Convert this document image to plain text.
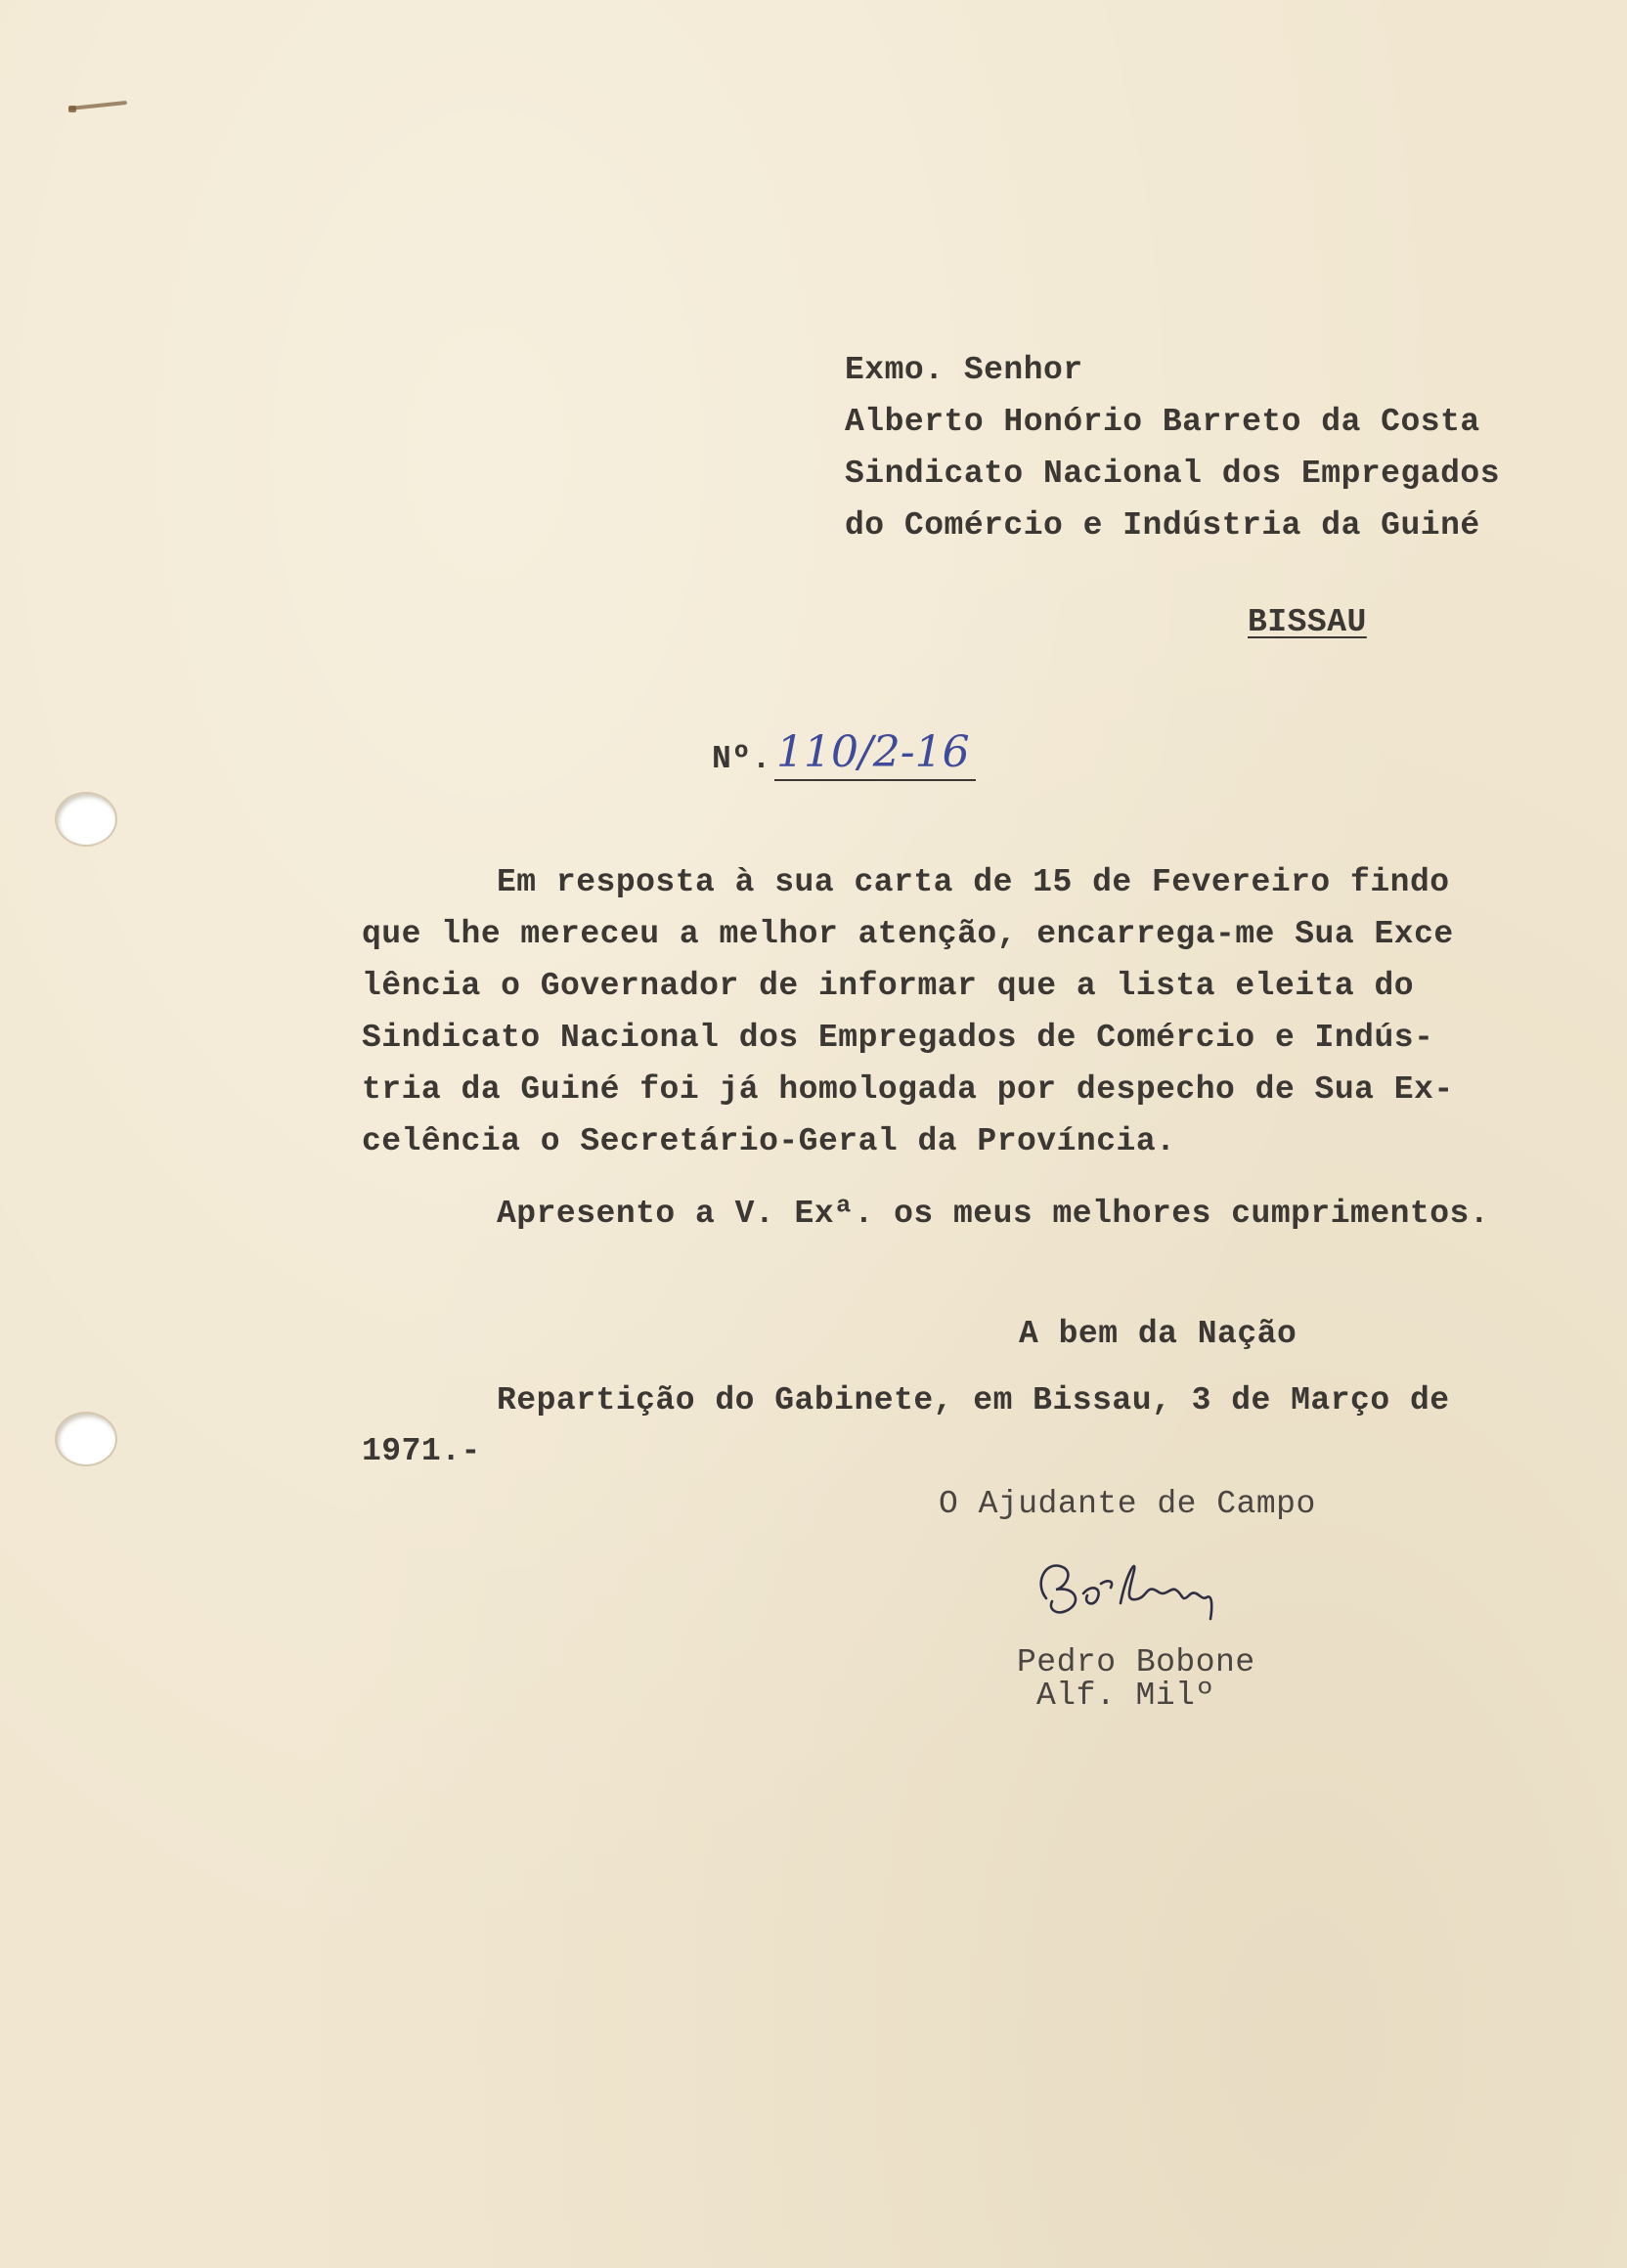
Exmo. Senhor
Alberto Honório Barreto da Costa
Sindicato Nacional dos Empregados
do Comércio e Indústria da Guiné
BISSAU
Nº. 110/2-16
Em resposta à sua carta de 15 de Fevereiro findo
que lhe mereceu a melhor atenção, encarrega-me Sua Exce
lência o Governador de informar que a lista eleita do
Sindicato Nacional dos Empregados de Comércio e Indús-
tria da Guiné foi já homologada por despecho de Sua Ex-
celência o Secretário-Geral da Província.
Apresento a V. Exª. os meus melhores cumprimentos.
A bem da Nação
Repartição do Gabinete, em Bissau, 3 de Março de
1971.-
O Ajudante de Campo
Pedro Bobone
Alf. Milº
